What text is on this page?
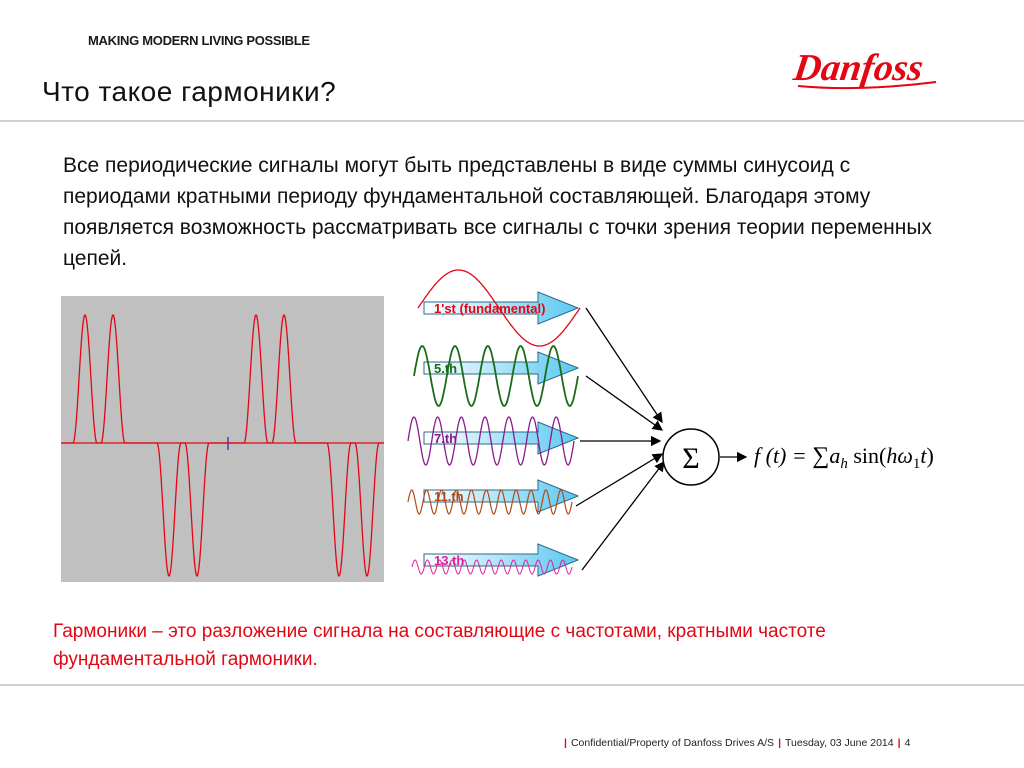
MAKING MODERN LIVING POSSIBLE
Danfoss
Что такое гармоники?
Все периодические сигналы могут быть представлены в виде суммы синусоид с периодами кратными периоду фундаментальной составляющей. Благодаря этому появляется возможность рассматривать все сигналы с точки зрения теории переменных цепей.
1'st (fundamental)
5.th
7.th
11.th
13.th
Σ f $(t) = \sum a_h$ $\sin(h\omega_1t)$
Гармоники – это разложение сигнала на составляющие с частотами, кратными частоте фундаментальной гармоники.
| Confidential/Property of Danfoss Drives A/S | Tuesday, 03 June 2014 | 4
